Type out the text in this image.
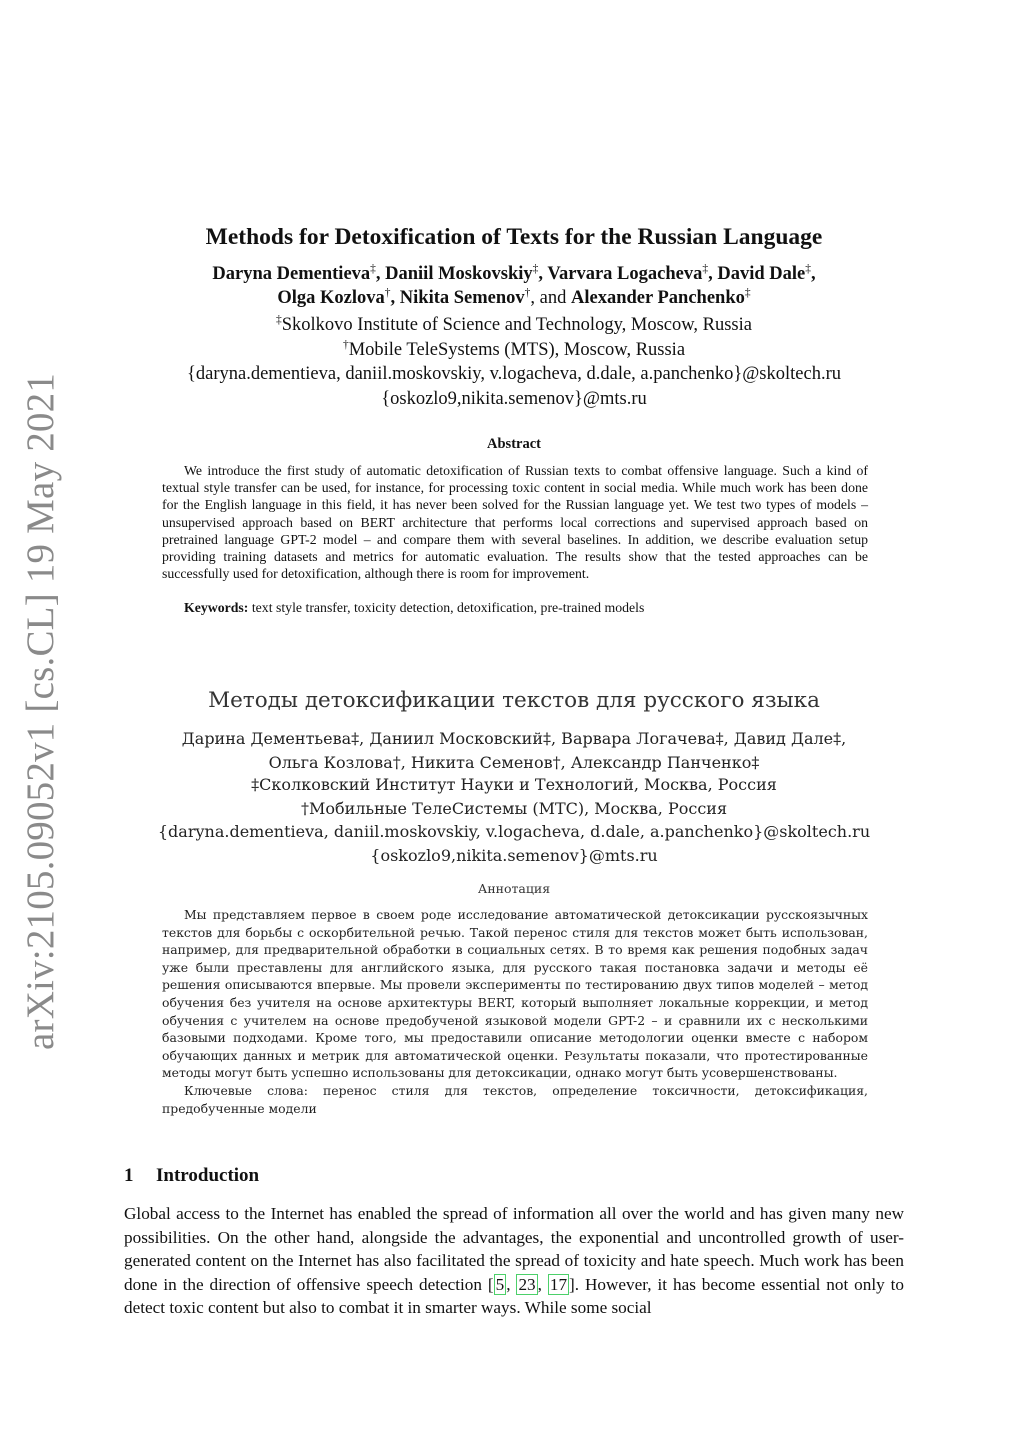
arXiv:2105.09052v1 [cs.CL] 19 May 2021
Methods for Detoxification of Texts for the Russian Language
Daryna Dementieva‡, Daniil Moskovskiy‡, Varvara Logacheva‡, David Dale‡,
Olga Kozlova†, Nikita Semenov†, and Alexander Panchenko‡
‡Skolkovo Institute of Science and Technology, Moscow, Russia
†Mobile TeleSystems (MTS), Moscow, Russia
{daryna.dementieva, daniil.moskovskiy, v.logacheva, d.dale, a.panchenko}@skoltech.ru
{oskozlo9,nikita.semenov}@mts.ru
Abstract

We introduce the first study of automatic detoxification of Russian texts to combat offensive language. Such a kind of textual style transfer can be used, for instance, for processing toxic content in social media. While much work has been done for the English language in this field, it has never been solved for the Russian language yet. We test two types of models – unsupervised approach based on BERT architecture that performs local corrections and supervised approach based on pretrained language GPT-2 model – and compare them with several baselines. In addition, we describe evaluation setup providing training datasets and metrics for automatic evaluation. The results show that the tested approaches can be successfully used for detoxification, although there is room for improvement.

Keywords: text style transfer, toxicity detection, detoxification, pre-trained models
Методы детоксификации текстов для русского языка
Дарина Дементьева‡, Даниил Московский‡, Варвара Логачева‡, Давид Дале‡,
Ольга Козлова†, Никита Семенов†, Александр Панченко‡
‡Сколковский Институт Науки и Технологий, Москва, Россия
†Мобильные ТелеСистемы (МТС), Москва, Россия
{daryna.dementieva, daniil.moskovskiy, v.logacheva, d.dale, a.panchenko}@skoltech.ru
{oskozlo9,nikita.semenov}@mts.ru
Аннотация

Мы представляем первое в своем роде исследование автоматической детоксикации русскоязычных текстов для борьбы с оскорбительной речью. Такой перенос стиля для текстов может быть использован, например, для предварительной обработки в социальных сетях. В то время как решения подобных задач уже были преставлены для английского языка, для русского такая постановка задачи и методы её решения описываются впервые. Мы провели эксперименты по тестированию двух типов моделей – метод обучения без учителя на основе архитектуры BERT, который выполняет локальные коррекции, и метод обучения с учителем на основе предобученой языковой модели GPT-2 – и сравнили их с несколькими базовыми подходами. Кроме того, мы предоставили описание методологии оценки вместе с набором обучающих данных и метрик для автоматической оценки. Результаты показали, что протестированные методы могут быть успешно использованы для детоксикации, однако могут быть усовершенствованы.

Ключевые слова: перенос стиля для текстов, определение токсичности, детоксификация, предобученные модели

1 Introduction

Global access to the Internet has enabled the spread of information all over the world and has given many new possibilities. On the other hand, alongside the advantages, the exponential and uncontrolled growth of user-generated content on the Internet has also facilitated the spread of toxicity and hate speech. Much work has been done in the direction of offensive speech detection [ 5 , 23 , 17 ]. However, it has become essential not only to detect toxic content but also to combat it in smarter ways. While some social
